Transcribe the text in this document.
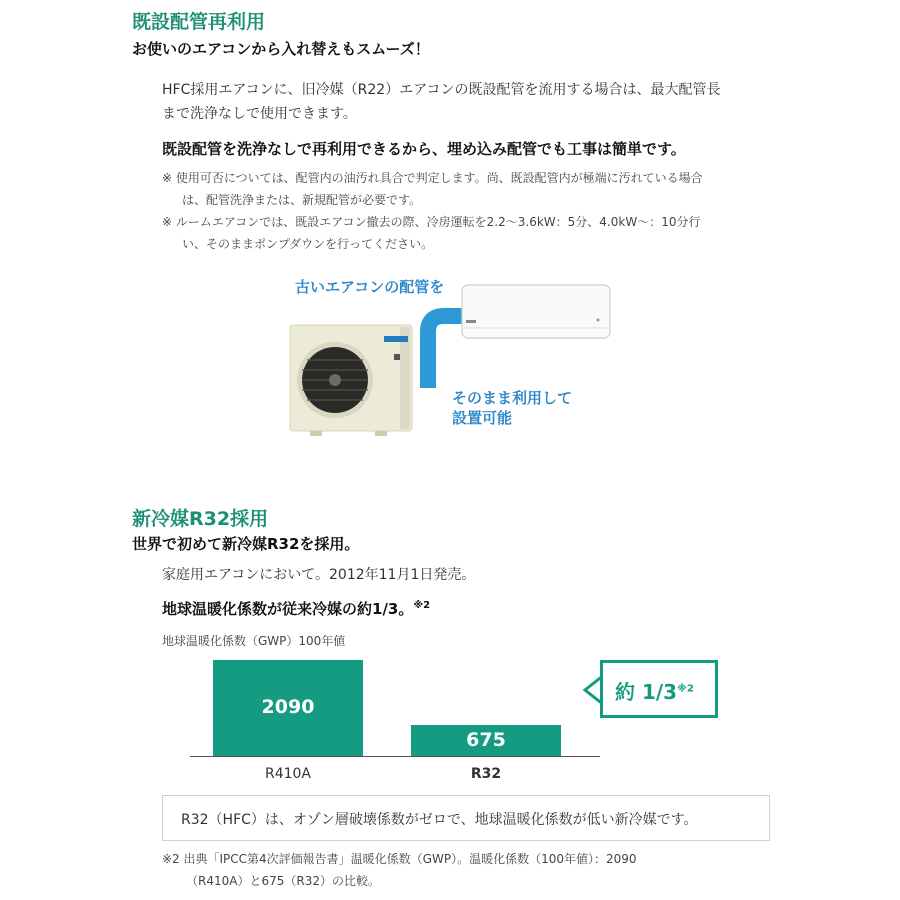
既設配管再利用
お使いのエアコンから入れ替えもスムーズ！
HFC採用エアコンに、旧冷媒（R22）エアコンの既設配管を流用する場合は、最大配管長
まで洗浄なしで使用できます。
既設配管を洗浄なしで再利用できるから、埋め込み配管でも工事は簡単です。
※ 使用可否については、配管内の油汚れ具合で判定します。尚、既設配管内が極端に汚れている場合
は、配管洗浄または、新規配管が必要です。
※ ルームエアコンでは、既設エアコン撤去の際、冷房運転を2.2〜3.6kW：5分、4.0kW〜：10分行
い、そのままポンプダウンを行ってください。
古いエアコンの配管を
そのまま利用して
設置可能
新冷媒R32採用
世界で初めて新冷媒R32を採用。
家庭用エアコンにおいて。2012年11月1日発売。
地球温暖化係数が従来冷媒の約1/3。$^{※2}$
地球温暖化係数（GWP）100年値
2090
675
R410A	R32
約 1/3$^{※2}$
R32（HFC）は、オゾン層破壊係数がゼロで、地球温暖化係数が低い新冷媒です。
※2 出典「IPCC第4次評価報告書」温暖化係数（GWP）。温暖化係数（100年値）：2090
（R410A）と675（R32）の比較。
